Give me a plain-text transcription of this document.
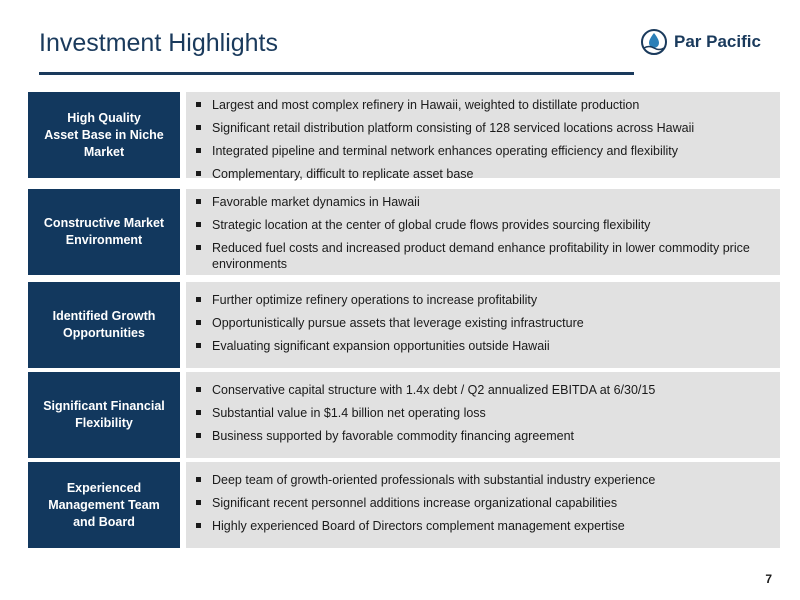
Investment Highlights	Par Pacific
High Quality
Asset Base in Niche
Market
Largest and most complex refinery in Hawaii, weighted to distillate production
Significant retail distribution platform consisting of 128 serviced locations across Hawaii
Integrated pipeline and terminal network enhances operating efficiency and flexibility
Complementary, difficult to replicate asset base
Constructive Market
Environment
Favorable market dynamics in Hawaii
Strategic location at the center of global crude flows provides sourcing flexibility
Reduced fuel costs and increased product demand enhance profitability in lower commodity price environments
Identified Growth
Opportunities
Further optimize refinery operations to increase profitability
Opportunistically pursue assets that leverage existing infrastructure
Evaluating significant expansion opportunities outside Hawaii
Significant Financial
Flexibility
Conservative capital structure with 1.4x debt / Q2 annualized EBITDA at 6/30/15
Substantial value in $1.4 billion net operating loss
Business supported by favorable commodity financing agreement
Experienced
Management Team
and Board
Deep team of growth-oriented professionals with substantial industry experience
Significant recent personnel additions increase organizational capabilities
Highly experienced Board of Directors complement management expertise
7
